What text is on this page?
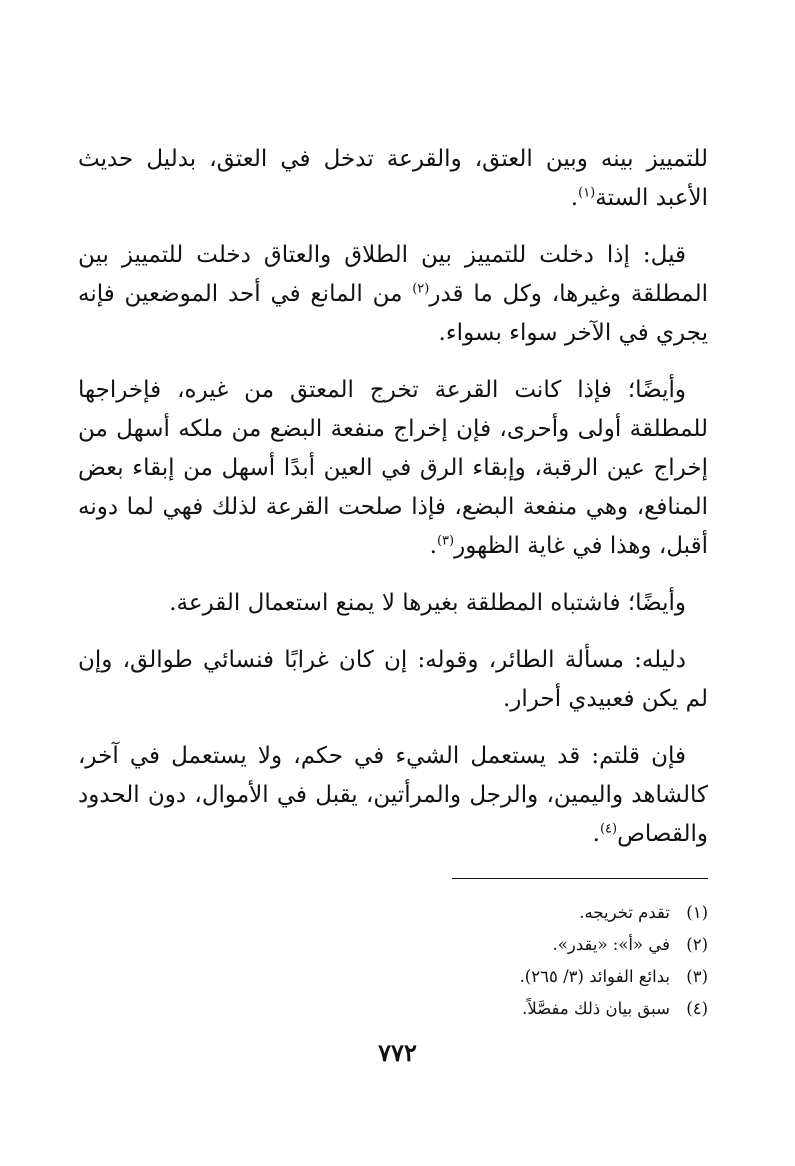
للتمييز بينه وبين العتق، والقرعة تدخل في العتق، بدليل حديث الأعبد الستة$^{(١)}$.

قيل: إذا دخلت للتمييز بين الطلاق والعتاق دخلت للتمييز بين المطلقة وغيرها، وكل ما قدر$^{(٢)}$ من المانع في أحد الموضعين فإنه يجري في الآخر سواء بسواء.

وأيضًا؛ فإذا كانت القرعة تخرج المعتق من غيره، فإخراجها للمطلقة أولى وأحرى، فإن إخراج منفعة البضع من ملكه أسهل من إخراج عين الرقبة، وإبقاء الرق في العين أبدًا أسهل من إبقاء بعض المنافع، وهي منفعة البضع، فإذا صلحت القرعة لذلك فهي لما دونه أقبل، وهذا في غاية الظهور$^{(٣)}$.

وأيضًا؛ فاشتباه المطلقة بغيرها لا يمنع استعمال القرعة.

دليله: مسألة الطائر، وقوله: إن كان غرابًا فنسائي طوالق، وإن لم يكن فعبيدي أحرار.

فإن قلتم: قد يستعمل الشيء في حكم، ولا يستعمل في آخر، كالشاهد واليمين، والرجل والمرأتين، يقبل في الأموال، دون الحدود والقصاص$^{(٤)}$.

(١)تقدم تخريجه.
(٢)في «أ»: «يقدر».
(٣)بدائع الفوائد (٣/ ٢٦٥).
(٤)سبق بيان ذلك مفصَّلاً.
٧٧٢
